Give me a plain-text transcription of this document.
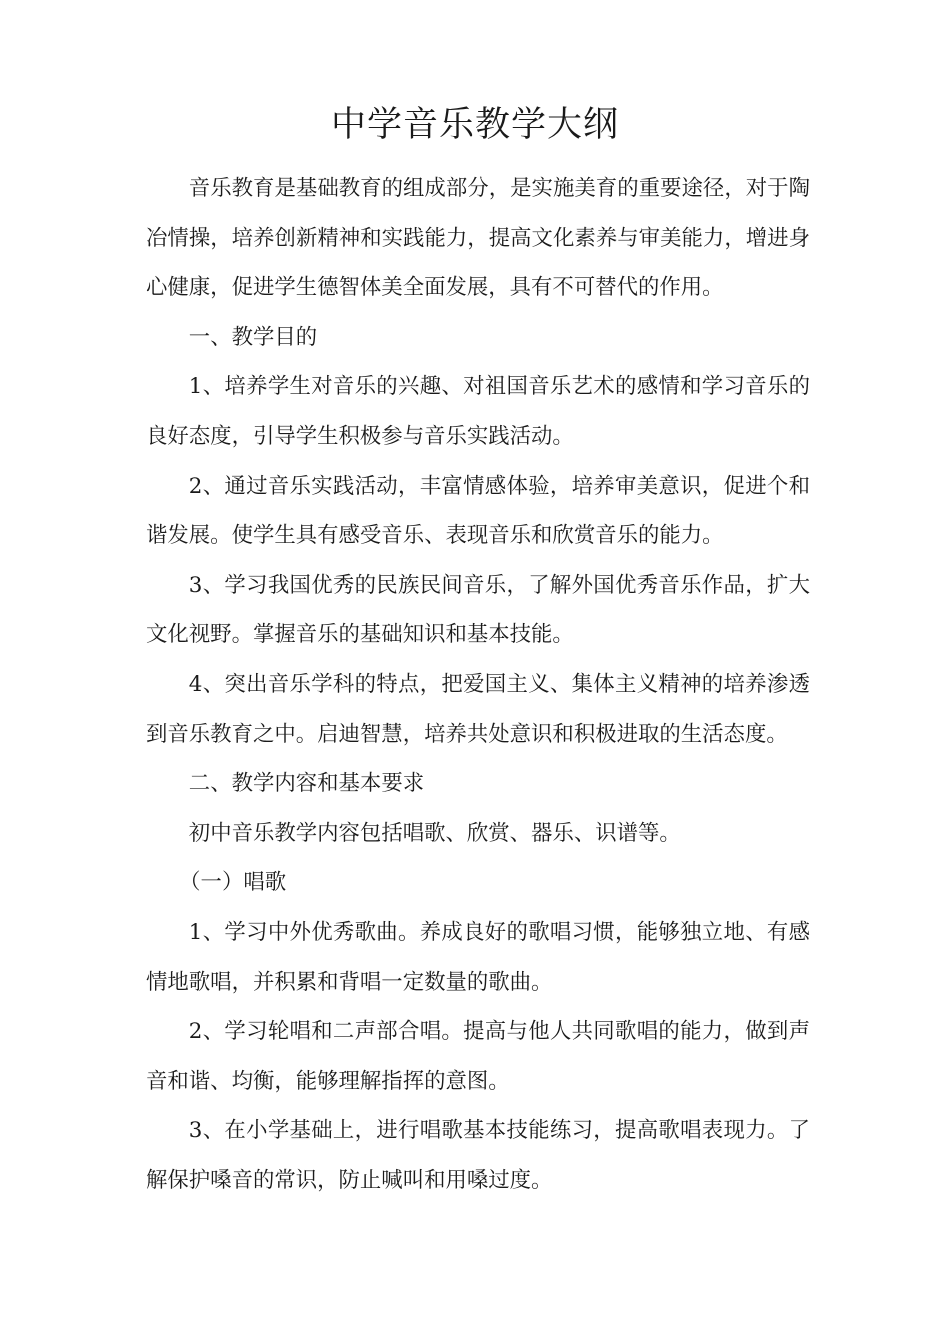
中学音乐教学大纲

音乐教育是基础教育的组成部分，是实施美育的重要途径，对于陶冶情操，培养创新精神和实践能力，提高文化素养与审美能力，增进身心健康，促进学生德智体美全面发展，具有不可替代的作用。

一、教学目的

1、培养学生对音乐的兴趣、对祖国音乐艺术的感情和学习音乐的良好态度，引导学生积极参与音乐实践活动。

2、通过音乐实践活动，丰富情感体验，培养审美意识，促进个和谐发展。使学生具有感受音乐、表现音乐和欣赏音乐的能力。

3、学习我国优秀的民族民间音乐，了解外国优秀音乐作品，扩大文化视野。掌握音乐的基础知识和基本技能。

4、突出音乐学科的特点，把爱国主义、集体主义精神的培养渗透到音乐教育之中。启迪智慧，培养共处意识和积极进取的生活态度。

二、教学内容和基本要求

初中音乐教学内容包括唱歌、欣赏、器乐、识谱等。

（一）唱歌

1、学习中外优秀歌曲。养成良好的歌唱习惯，能够独立地、有感情地歌唱，并积累和背唱一定数量的歌曲。

2、学习轮唱和二声部合唱。提高与他人共同歌唱的能力，做到声音和谐、均衡，能够理解指挥的意图。

3、在小学基础上，进行唱歌基本技能练习，提高歌唱表现力。了解保护嗓音的常识，防止喊叫和用嗓过度。
